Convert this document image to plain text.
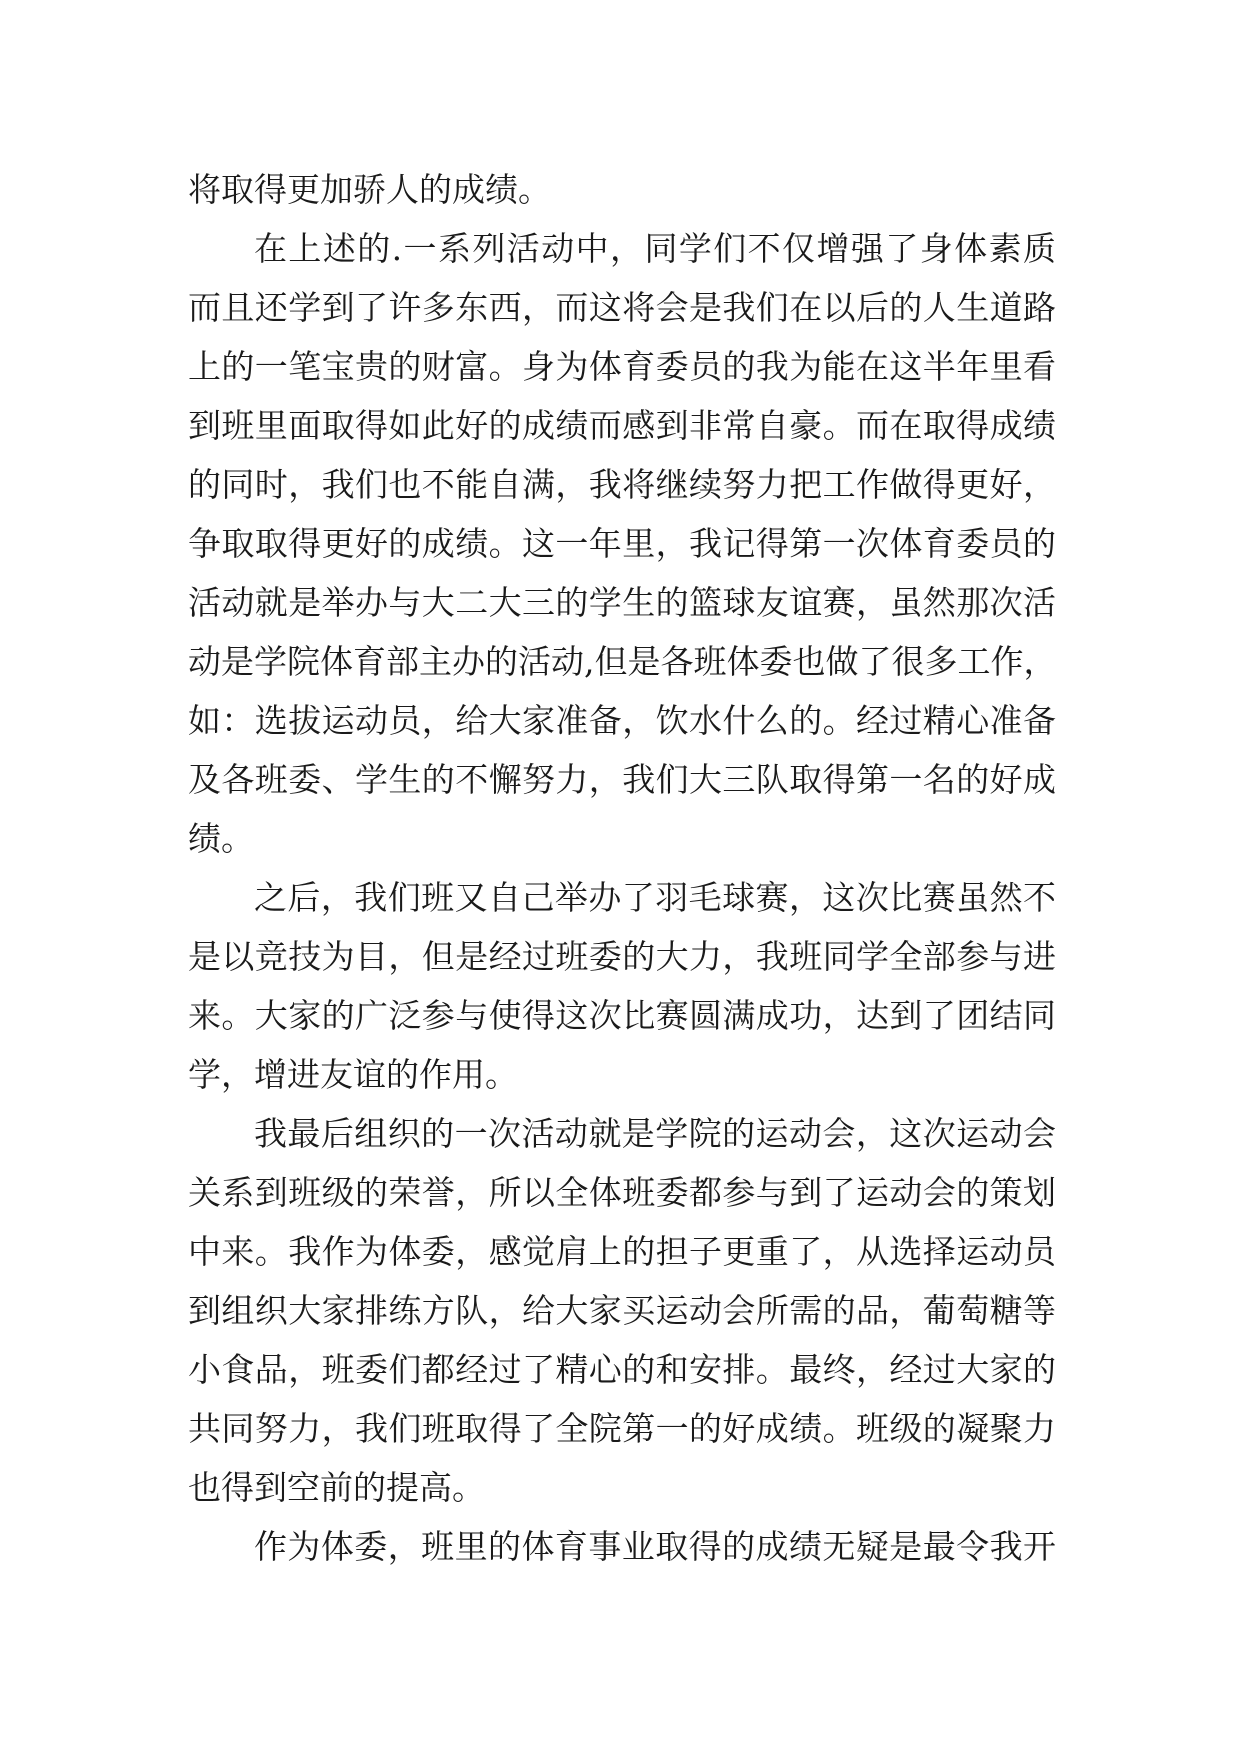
将取得更加骄人的成绩。
在上述的.一系列活动中，同学们不仅增强了身体素质
而且还学到了许多东西，而这将会是我们在以后的人生道路
上的一笔宝贵的财富。身为体育委员的我为能在这半年里看
到班里面取得如此好的成绩而感到非常自豪。而在取得成绩
的同时，我们也不能自满，我将继续努力把工作做得更好，
争取取得更好的成绩。这一年里，我记得第一次体育委员的
活动就是举办与大二大三的学生的篮球友谊赛，虽然那次活
动是学院体育部主办的活动,但是各班体委也做了很多工作，
如：选拔运动员，给大家准备，饮水什么的。经过精心准备
及各班委、学生的不懈努力，我们大三队取得第一名的好成
绩。
之后，我们班又自己举办了羽毛球赛，这次比赛虽然不
是以竞技为目，但是经过班委的大力，我班同学全部参与进
来。大家的广泛参与使得这次比赛圆满成功，达到了团结同
学，增进友谊的作用。
我最后组织的一次活动就是学院的运动会，这次运动会
关系到班级的荣誉，所以全体班委都参与到了运动会的策划
中来。我作为体委，感觉肩上的担子更重了，从选择运动员
到组织大家排练方队，给大家买运动会所需的品，葡萄糖等
小食品，班委们都经过了精心的和安排。最终，经过大家的
共同努力，我们班取得了全院第一的好成绩。班级的凝聚力
也得到空前的提高。
作为体委，班里的体育事业取得的成绩无疑是最令我开
